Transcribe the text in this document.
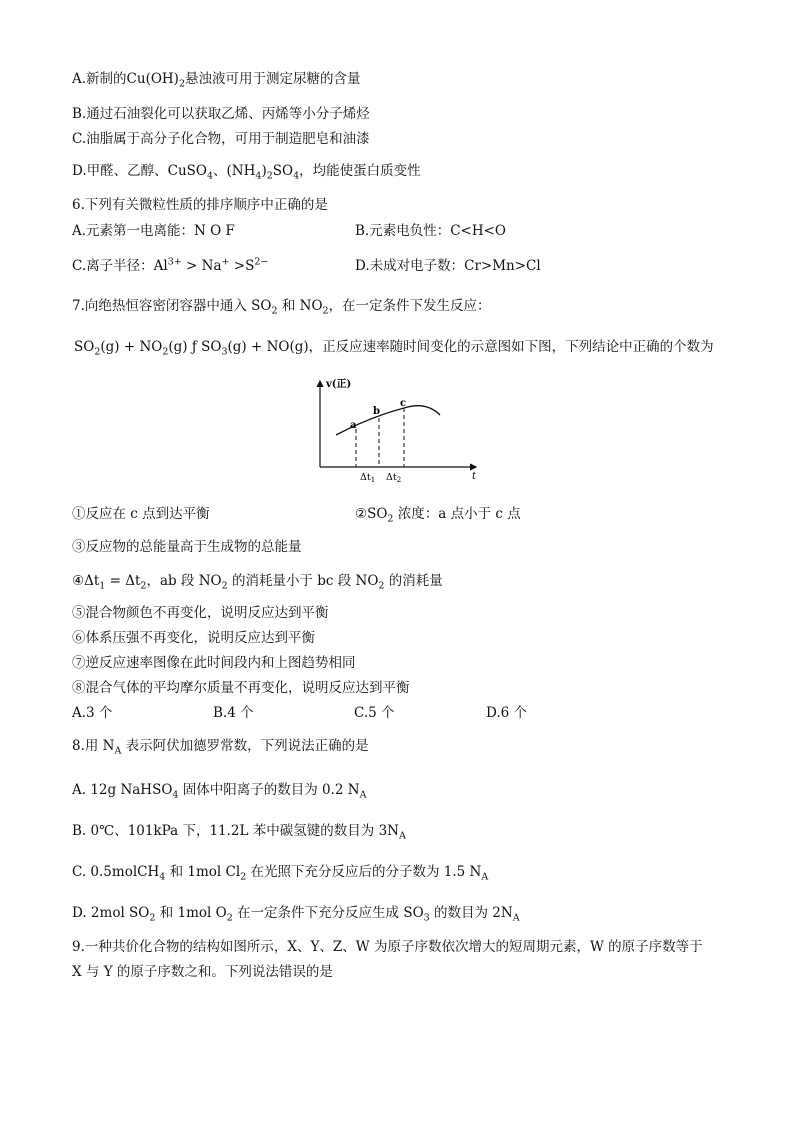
A.新制的$Cu(OH)_2$悬浊液可用于测定尿糖的含量
B.通过石油裂化可以获取乙烯、丙烯等小分子烯烃
C.油脂属于高分子化合物，可用于制造肥皂和油漆
D.甲醛、乙醇、CuSO$_4$、$(NH_4)_2SO_4$，均能使蛋白质变性
6.下列有关微粒性质的排序顺序中正确的是
A.元素第一电离能：N O F	B.元素电负性：C<H<O
C.离子半径：$Al^{3+} > Na^+ >S^{2-}$	D.未成对电子数：Cr>Mn>Cl
7.向绝热恒容密闭容器中通入 $SO_2$ 和 $NO_2$，在一定条件下发生反应：
$SO_2(g) + NO_2(g)$ ƒ $SO_3(g) + NO(g)$，正反应速率随时间变化的示意图如下图，下列结论中正确的个数为
v(正)
t
a
b
c
$\Delta t_1$ $\Delta t_2$
①反应在 c 点到达平衡	$②SO_2$ 浓度：a 点小于 c 点
③反应物的总能量高于生成物的总能量
$④\Delta t_1 = \Delta t_2$，ab 段 $NO_2$ 的消耗量小于 bc 段 $NO_2$ 的消耗量
⑤混合物颜色不再变化，说明反应达到平衡
⑥体系压强不再变化，说明反应达到平衡
⑦逆反应速率图像在此时间段内和上图趋势相同
⑧混合气体的平均摩尔质量不再变化，说明反应达到平衡
A.3 个	B.4 个	C.5 个	D.6 个
8.用 $N_A$ 表示阿伏加德罗常数，下列说法正确的是
A. 12g NaHSO$_4$ 固体中阳离子的数目为 0.2 $N_A$
B. 0℃、101kPa 下，11.2L 苯中碳氢键的数目为 $3N_A$
C. 0.5molCH$_4$ 和 1mol $Cl_2$ 在光照下充分反应后的分子数为 1.5 $N_A$
D. 2mol $SO_2$ 和 1mol $O_2$ 在一定条件下充分反应生成 $SO_3$ 的数目为 $2N_A$
9.一种共价化合物的结构如图所示，X、Y、Z、W 为原子序数依次增大的短周期元素，W 的原子序数等于
X 与 Y 的原子序数之和。下列说法错误的是
